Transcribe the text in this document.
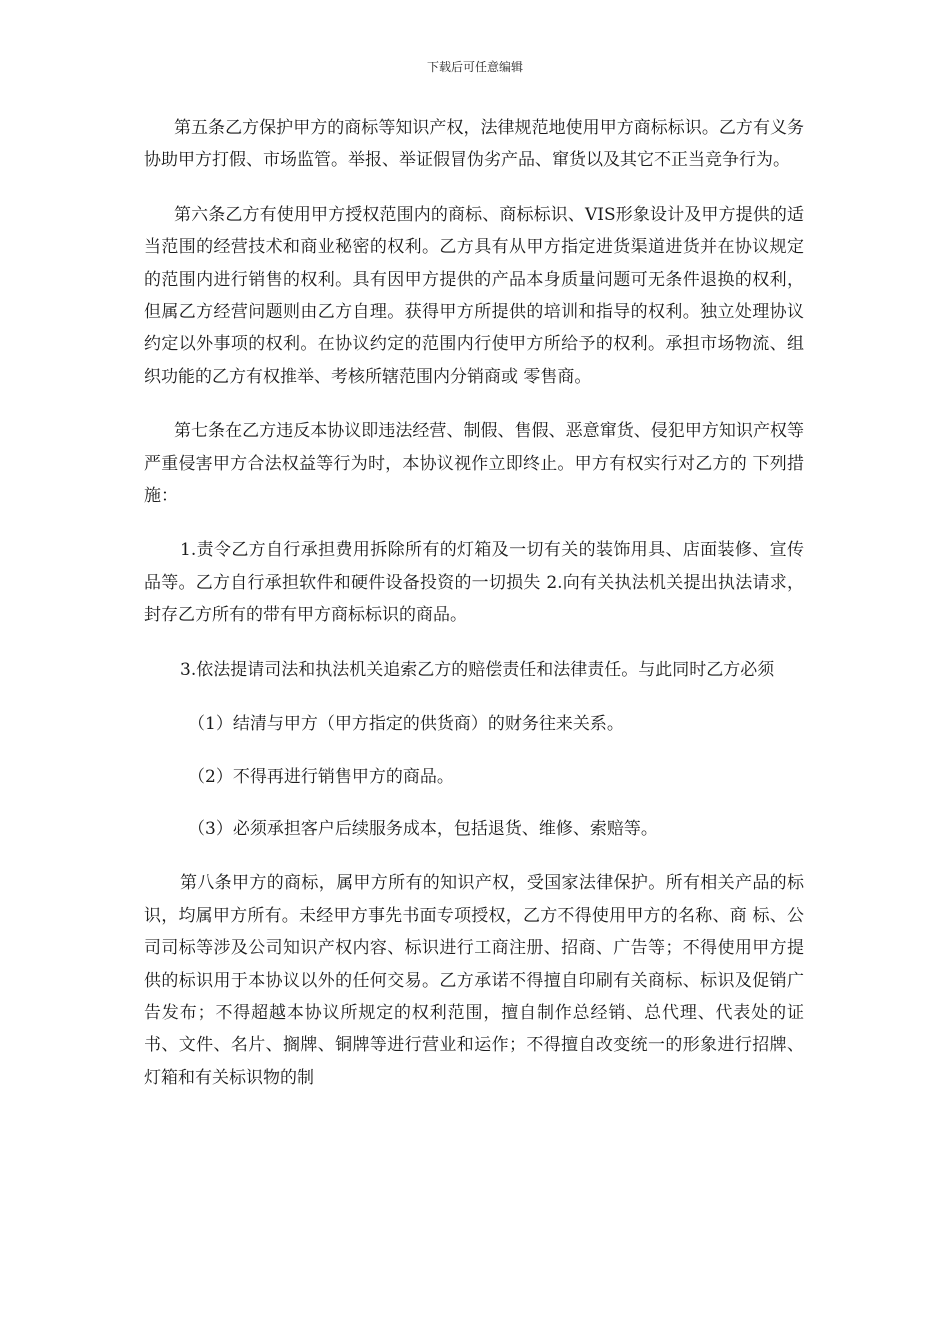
下载后可任意编辑

第五条乙方保护甲方的商标等知识产权，法律规范地使用甲方商标标识。乙方有义务协助甲方打假、市场监管。举报、举证假冒伪劣产品、窜货以及其它不正当竞争行为。

第六条乙方有使用甲方授权范围内的商标、商标标识、VIS形象设计及甲方提供的适当范围的经营技术和商业秘密的权利。乙方具有从甲方指定进货渠道进货并在协议规定的范围内进行销售的权利。具有因甲方提供的产品本身质量问题可无条件退换的权利，但属乙方经营问题则由乙方自理。获得甲方所提供的培训和指导的权利。独立处理协议约定以外事项的权利。在协议约定的范围内行使甲方所给予的权利。承担市场物流、组织功能的乙方有权推举、考核所辖范围内分销商或 零售商。

第七条在乙方违反本协议即违法经营、制假、售假、恶意窜货、侵犯甲方知识产权等严重侵害甲方合法权益等行为时，本协议视作立即终止。甲方有权实行对乙方的 下列措施：

1.责令乙方自行承担费用拆除所有的灯箱及一切有关的装饰用具、店面装修、宣传品等。乙方自行承担软件和硬件设备投资的一切损失 2.向有关执法机关提出执法请求，封存乙方所有的带有甲方商标标识的商品。

3.依法提请司法和执法机关追索乙方的赔偿责任和法律责任。与此同时乙方必须

（1）结清与甲方（甲方指定的供货商）的财务往来关系。

（2）不得再进行销售甲方的商品。

（3）必须承担客户后续服务成本，包括退货、维修、索赔等。

第八条甲方的商标，属甲方所有的知识产权，受国家法律保护。所有相关产品的标识，均属甲方所有。未经甲方事先书面专项授权，乙方不得使用甲方的名称、商 标、公司司标等涉及公司知识产权内容、标识进行工商注册、招商、广告等；不得使用甲方提供的标识用于本协议以外的任何交易。乙方承诺不得擅自印刷有关商标、标识及促销广告发布；不得超越本协议所规定的权利范围，擅自制作总经销、总代理、代表处的证书、文件、名片、搁牌、铜牌等进行营业和运作；不得擅自改变统一的形象进行招牌、灯箱和有关标识物的制
